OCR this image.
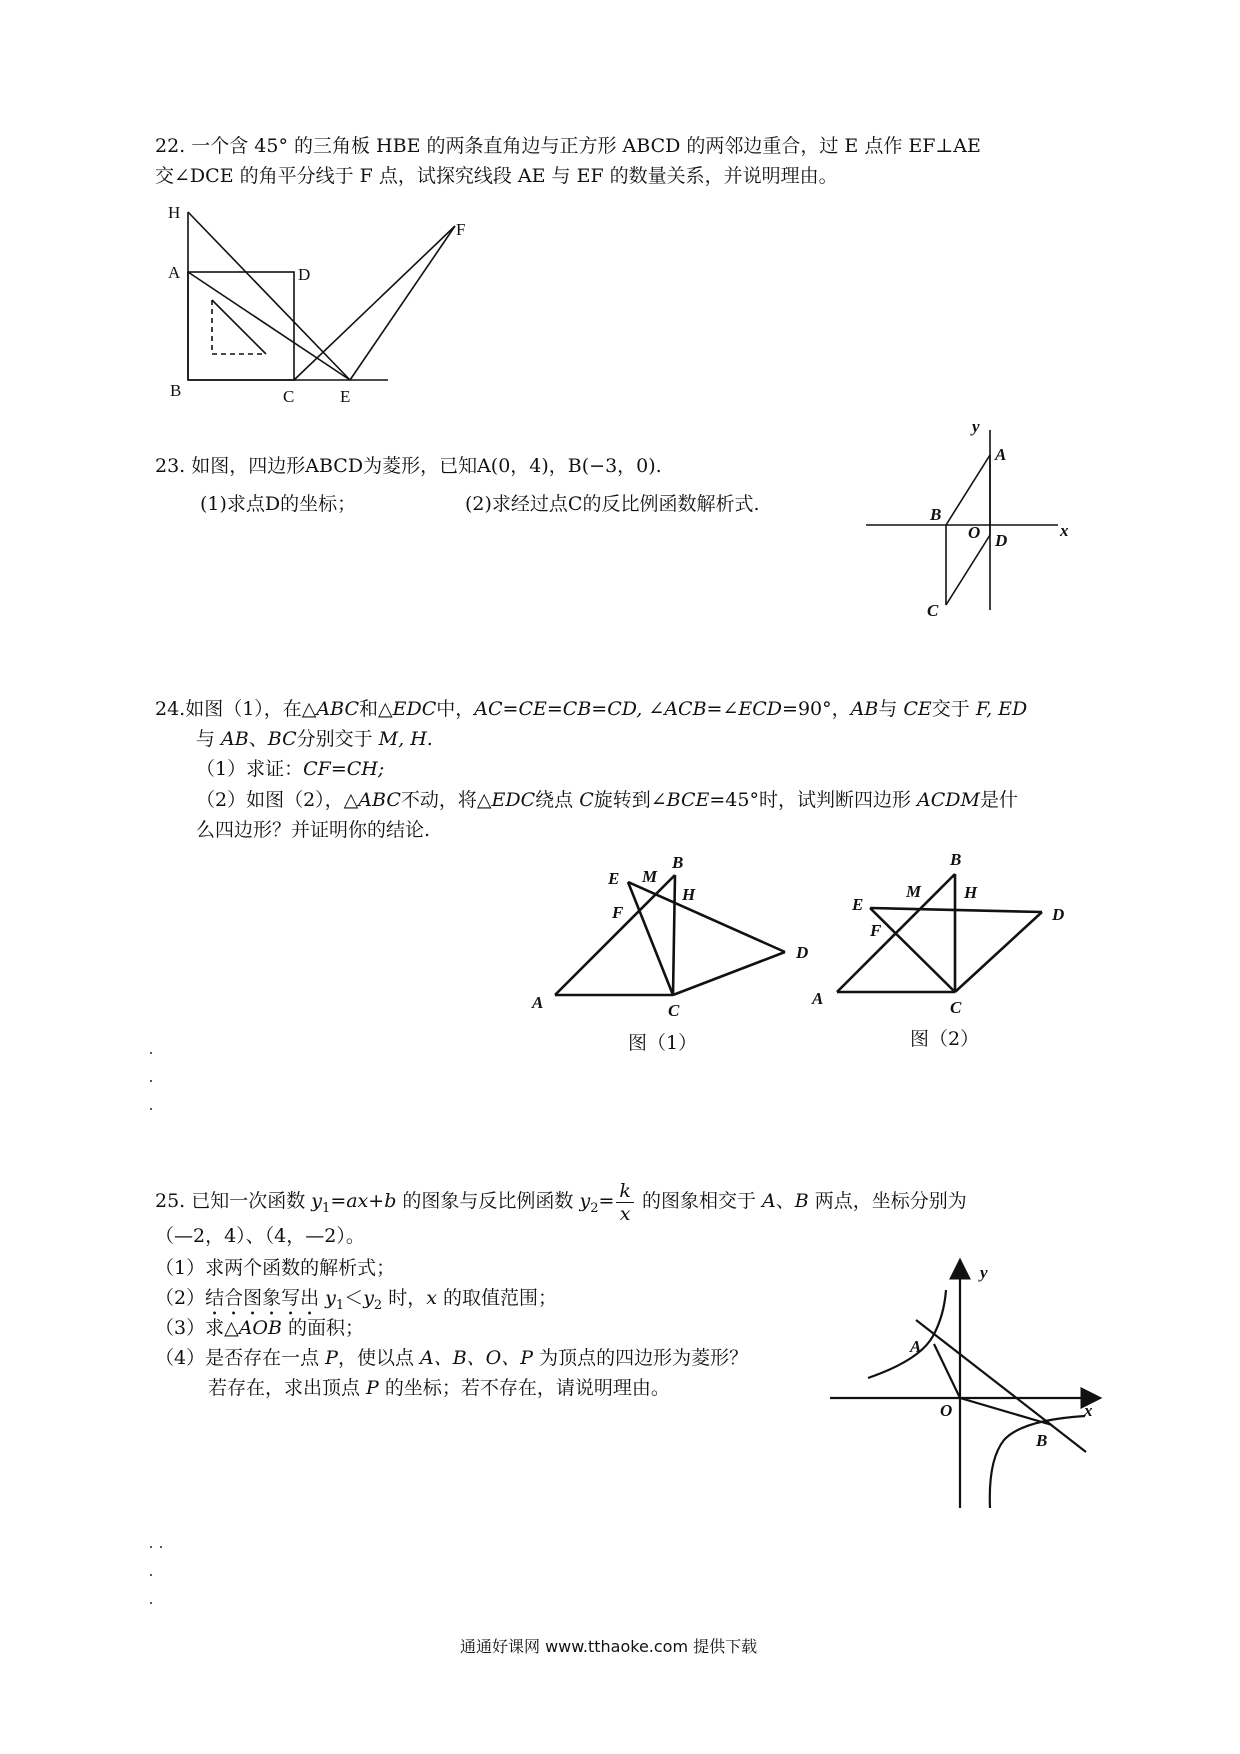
22. 一个含 45° 的三角板 HBE 的两条直角边与正方形 ABCD 的两邻边重合，过 E 点作 EF⊥AE
交∠DCE 的角平分线于 F 点，试探究线段 AE 与 EF 的数量关系，并说明理由。
H
A	D
F
B	C	E
23. 如图，四边形ABCD为菱形，已知A(0，4)，B(−3，0).
(1)求点D的坐标；	(2)求经过点C的反比例函数解析式.
y
A
B
O D
x
C
24.如图（1），在△ABC和△EDC中，AC=CE=CB=CD, ∠ACB=∠ECD=90°，AB与 CE交于 F, ED
与 AB、BC分别交于 M, H.
（1）求证：CF=CH;
（2）如图（2），△ABC不动，将△EDC绕点 C旋转到∠BCE=45°时，试判断四边形 ACDM是什
么四边形？并证明你的结论.
E M
B
H
F
D
A	C
B
M	H
E
D
F
A	C
图（1）	图（2）
25. 已知一次函数 $y_1=ax+b$ 的图象与反比例函数 $y_2= \frac{k}{x}$ 的图象相交于 A、B 两点，坐标分别为
（—2，4）、（4，—2）。
（1）求两个函数的解析式；
（2）结合图象写出 $y_1<y_2$ 时，x 的取值范围；
（3）求△AOB 的面积；
（4）是否存在一点 P，使以点 A、B、O、P 为顶点的四边形为菱形？
若存在，求出顶点 P 的坐标；若不存在，请说明理由。
y
A
O	x
B
通通好课网 www.tthaoke.com 提供下载
